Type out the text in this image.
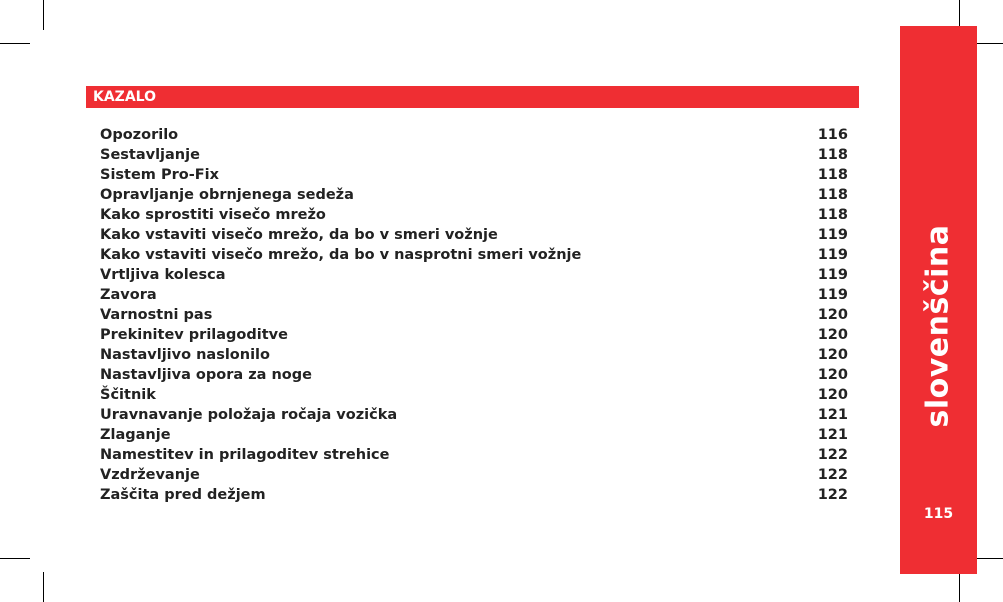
KAZALO
Opozorilo	116
Sestavljanje	118
Sistem Pro-Fix	118
Opravljanje obrnjenega sedeža	118
Kako sprostiti visečo mrežo	118
Kako vstaviti visečo mrežo, da bo v smeri vožnje	119
Kako vstaviti visečo mrežo, da bo v nasprotni smeri vožnje	119
Vrtljiva kolesca	119
Zavora	119
Varnostni pas	120
Prekinitev prilagoditve	120
Nastavljivo naslonilo	120
Nastavljiva opora za noge	120
Ščitnik	120
Uravnavanje položaja ročaja vozička	121
Zlaganje	121
Namestitev in prilagoditev strehice	122
Vzdrževanje	122
Zaščita pred dežjem	122
slovenščina
115
